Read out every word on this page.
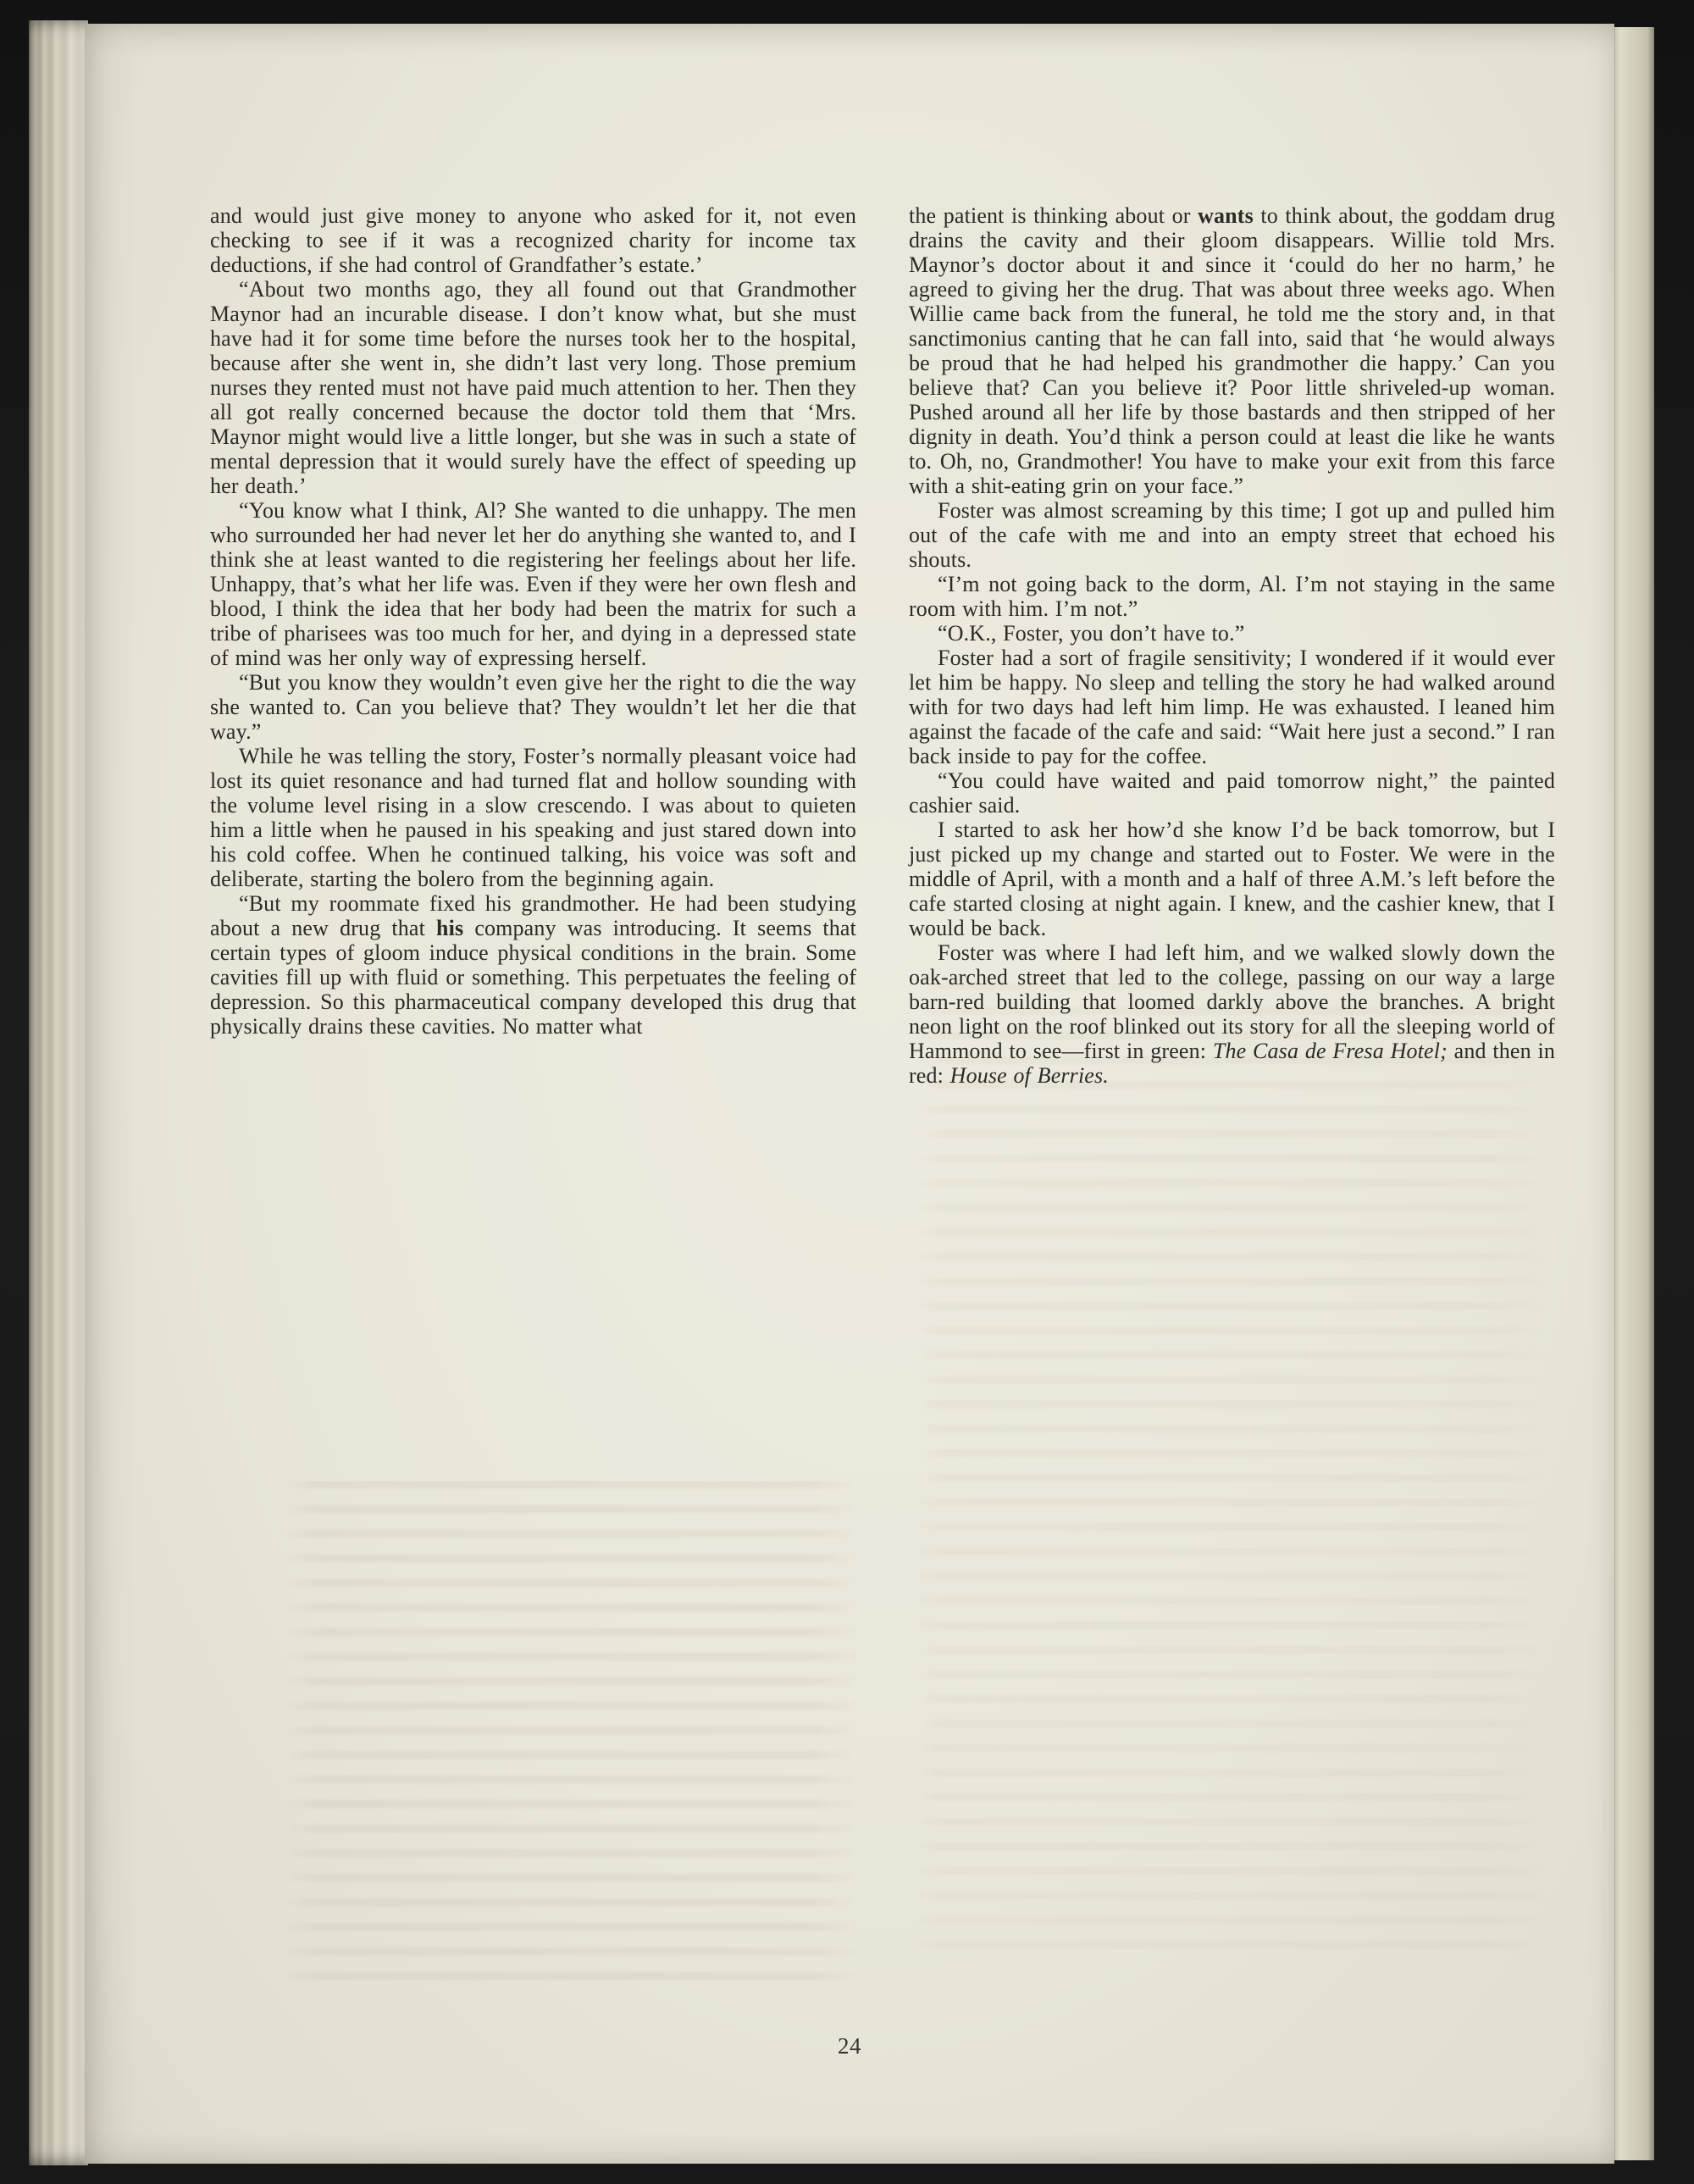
and would just give money to anyone who asked for it, not even checking to see if it was a recognized charity for income tax deductions, if she had control of Grandfather’s estate.’

“About two months ago, they all found out that Grandmother Maynor had an incurable disease. I don’t know what, but she must have had it for some time before the nurses took her to the hospital, because after she went in, she didn’t last very long. Those premium nurses they rented must not have paid much attention to her. Then they all got really concerned because the doctor told them that ‘Mrs. Maynor might would live a little longer, but she was in such a state of mental depression that it would surely have the effect of speeding up her death.’

“You know what I think, Al? She wanted to die unhappy. The men who surrounded her had never let her do anything she wanted to, and I think she at least wanted to die registering her feelings about her life. Unhappy, that’s what her life was. Even if they were her own flesh and blood, I think the idea that her body had been the matrix for such a tribe of pharisees was too much for her, and dying in a depressed state of mind was her only way of expressing herself.

“But you know they wouldn’t even give her the right to die the way she wanted to. Can you believe that? They wouldn’t let her die that way.”

While he was telling the story, Foster’s normally pleasant voice had lost its quiet resonance and had turned flat and hollow sounding with the volume level rising in a slow crescendo. I was about to quieten him a little when he paused in his speaking and just stared down into his cold coffee. When he continued talking, his voice was soft and deliberate, starting the bolero from the beginning again.

“But my roommate fixed his grandmother. He had been studying about a new drug that his company was introducing. It seems that certain types of gloom induce physical conditions in the brain. Some cavities fill up with fluid or something. This perpetuates the feeling of depression. So this pharmaceutical company developed this drug that physically drains these cavities. No matter what

the patient is thinking about or wants to think about, the goddam drug drains the cavity and their gloom disappears. Willie told Mrs. Maynor’s doctor about it and since it ‘could do her no harm,’ he agreed to giving her the drug. That was about three weeks ago. When Willie came back from the funeral, he told me the story and, in that sanctimonius canting that he can fall into, said that ‘he would always be proud that he had helped his grandmother die happy.’ Can you believe that? Can you believe it? Poor little shriveled-up woman. Pushed around all her life by those bastards and then stripped of her dignity in death. You’d think a person could at least die like he wants to. Oh, no, Grandmother! You have to make your exit from this farce with a shit-eating grin on your face.”

Foster was almost screaming by this time; I got up and pulled him out of the cafe with me and into an empty street that echoed his shouts.

“I’m not going back to the dorm, Al. I’m not staying in the same room with him. I’m not.”

“O.K., Foster, you don’t have to.”

Foster had a sort of fragile sensitivity; I wondered if it would ever let him be happy. No sleep and telling the story he had walked around with for two days had left him limp. He was exhausted. I leaned him against the facade of the cafe and said: “Wait here just a second.” I ran back inside to pay for the coffee.

“You could have waited and paid tomorrow night,” the painted cashier said.

I started to ask her how’d she know I’d be back tomorrow, but I just picked up my change and started out to Foster. We were in the middle of April, with a month and a half of three A.M.’s left before the cafe started closing at night again. I knew, and the cashier knew, that I would be back.

Foster was where I had left him, and we walked slowly down the oak-arched street that led to the college, passing on our way a large barn-red building that loomed darkly above the branches. A bright neon light on the roof blinked out its story for all the sleeping world of Hammond to see—first in green: The Casa de Fresa Hotel; and then in red: House of Berries.

24
